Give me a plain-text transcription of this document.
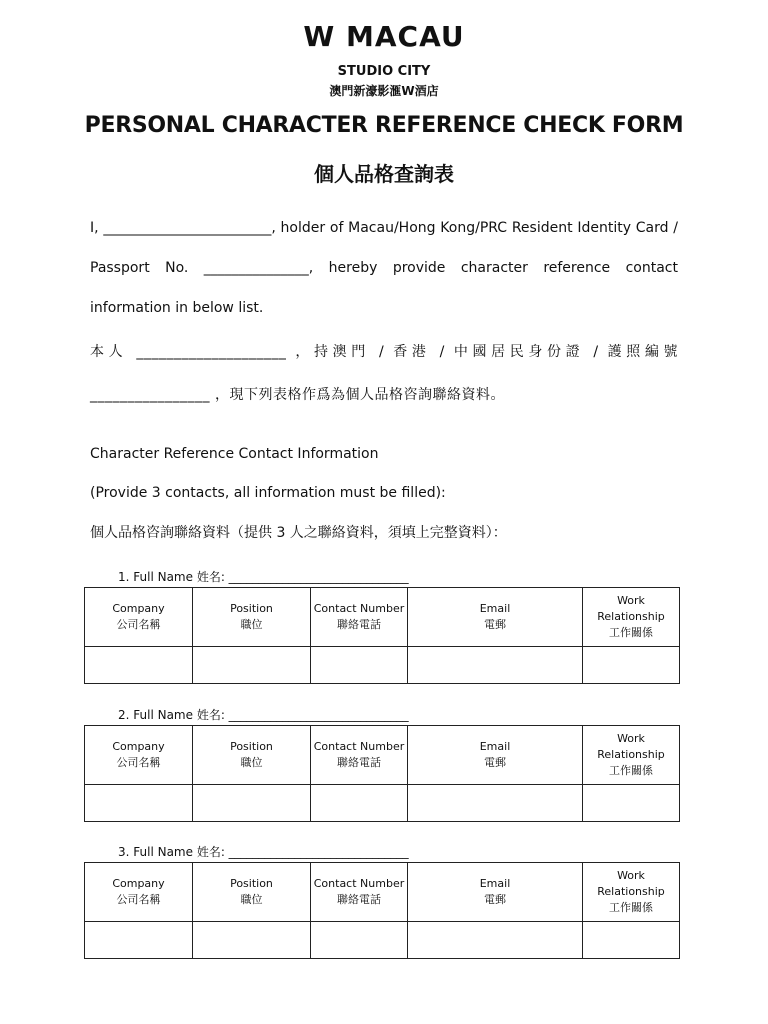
W MACAU
STUDIO CITY
澳門新濠影滙W酒店
PERSONAL CHARACTER REFERENCE CHECK FORM
個人品格查詢表
I, ________________________, holder of Macau/Hong Kong/PRC Resident Identity Card / Passport No. _______________, hereby provide character reference contact information in below list.
本人 ____________________ ，持澳門 / 香港 / 中國居民身份證 / 護照編號 ________________ ，現下列表格作爲為個人品格咨詢聯絡資料。
Character Reference Contact Information
(Provide 3 contacts, all information must be filled):
個人品格咨詢聯絡資料（提供 3 人之聯絡資料，須填上完整資料）：
1. Full Name 姓名: ______________________________
Company
公司名稱	Position
職位	Contact Number
聯絡電話	Email
電郵	Work Relationship
工作關係

2. Full Name 姓名: ______________________________
Company
公司名稱	Position
職位	Contact Number
聯絡電話	Email
電郵	Work Relationship
工作關係

3. Full Name 姓名: ______________________________
Company
公司名稱	Position
職位	Contact Number
聯絡電話	Email
電郵	Work Relationship
工作關係
